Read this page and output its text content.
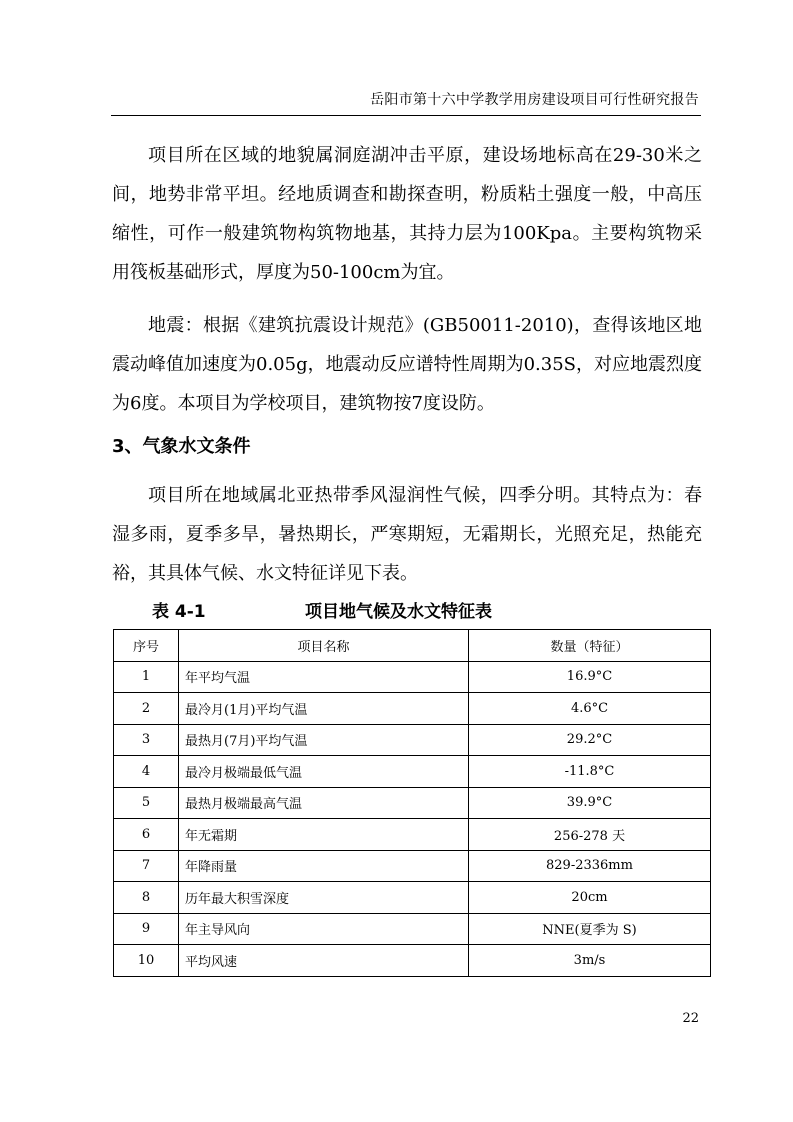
岳阳市第十六中学教学用房建设项目可行性研究报告

项目所在区域的地貌属洞庭湖冲击平原，建设场地标高在29-30米之间，地势非常平坦。经地质调查和勘探查明，粉质粘土强度一般，中高压缩性，可作一般建筑物构筑物地基，其持力层为100Kpa。主要构筑物采用筏板基础形式，厚度为50-100cm为宜。

地震：根据《建筑抗震设计规范》(GB50011-2010)，查得该地区地震动峰值加速度为0.05g，地震动反应谱特性周期为0.35S，对应地震烈度为6度。本项目为学校项目，建筑物按7度设防。

3、气象水文条件

项目所在地域属北亚热带季风湿润性气候，四季分明。其特点为：春湿多雨，夏季多旱，暑热期长，严寒期短，无霜期长，光照充足，热能充裕，其具体气候、水文特征详见下表。

表 4-1	项目地气候及水文特征表

序号	项目名称	数量（特征）
1	年平均气温	16.9°C
2	最冷月(1月)平均气温	4.6°C
3	最热月(7月)平均气温	29.2°C
4	最冷月极端最低气温	-11.8°C
5	最热月极端最高气温	39.9°C
6	年无霜期	256-278 天
7	年降雨量	829-2336mm
8	历年最大积雪深度	20cm
9	年主导风向	NNE(夏季为 S)
10	平均风速	3m/s
22
